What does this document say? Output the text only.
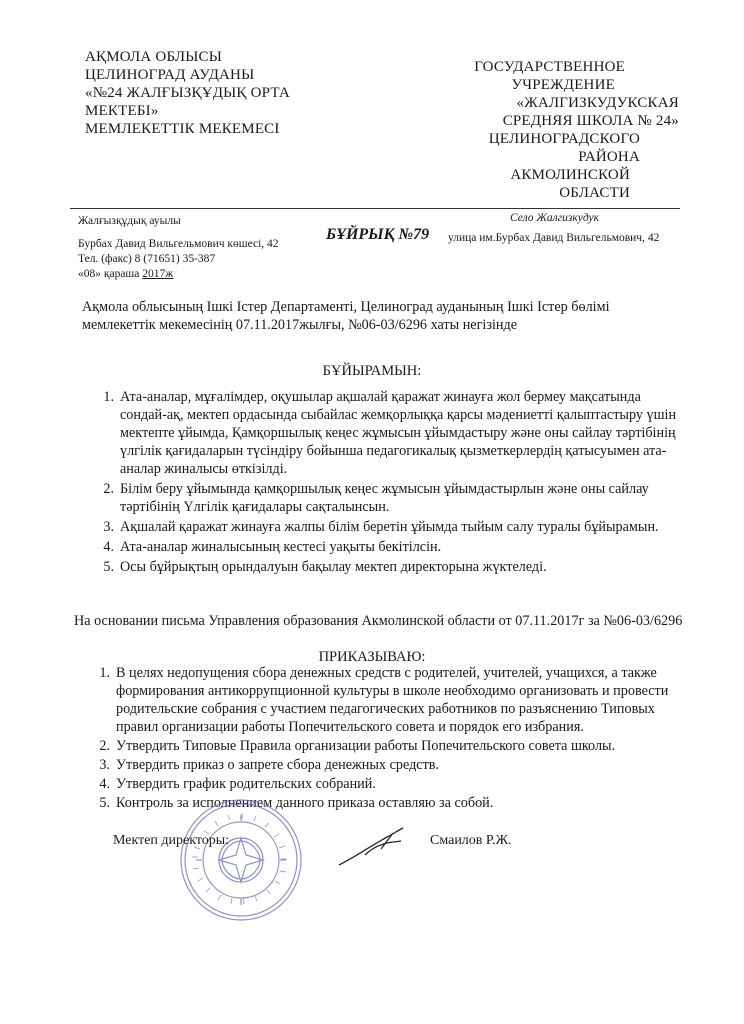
АҚМОЛА ОБЛЫСЫ
ЦЕЛИНОГРАД АУДАНЫ
«№24 ЖАЛҒЫЗҚҰДЫҚ ОРТА
МЕКТЕБІ»
МЕМЛЕКЕТТІК МЕКЕМЕСІ
ГОСУДАРСТВЕННОЕ
УЧРЕЖДЕНИЕ
«ЖАЛГИЗКУДУКСКАЯ
СРЕДНЯЯ ШКОЛА № 24»
ЦЕЛИНОГРАДСКОГО РАЙОНА
АКМОЛИНСКОЙ ОБЛАСТИ
Жалғызқұдық ауылы
Бурбах Давид Вильгельмович көшесі, 42
Тел. (факс) 8 (71651) 35-387
«08» қараша 2017ж
БҰЙРЫҚ №79
Село Жалгизкудук
улица им.Бурбах Давид Вильгельмович, 42
Ақмола облысының Ішкі Істер Департаменті, Целиноград ауданының Ішкі Істер бөлімі мемлекеттік мекемесінің 07.11.2017жылғы, №06-03/6296 хаты негізінде
БҰЙЫРАМЫН:
1. Ата-аналар, мұғалімдер, оқушылар ақшалай қаражат жинауға жол бермеу мақсатында сондай-ақ, мектеп ордасында сыбайлас жемқорлыққа қарсы мәдениетті қалыптастыру үшін мектепте ұйымда, Қамқоршылық кеңес жұмысын ұйымдастыру және оны сайлау тәртібінің үлгілік қағидаларын түсіндіру бойынша педагогикалық қызметкерлердің қатысуымен ата-аналар жиналысы өткізілді.
2. Білім беру ұйымында қамқоршылық кеңес жұмысын ұйымдастырлын және оны сайлау тәртібінің Үлгілік қағидалары сақталынсын.
3. Ақшалай қаражат жинауға жалпы білім беретін ұйымда тыйым салу туралы бұйырамын.
4. Ата-аналар жиналысының кестесі уақыты бекітілсін.
5. Осы бұйрықтың орындалуын бақылау мектеп директорына жүктеледі.
На основании письма Управления образования Акмолинской области от 07.11.2017г за №06-03/6296
ПРИКАЗЫВАЮ:
1. В целях недопущения сбора денежных средств с родителей, учителей, учащихся, а также формирования антикоррупционной культуры в школе необходимо организовать и провести родительские собрания с участием педагогических работников по разъяснению Типовых правил организации работы Попечительского совета и порядок его избрания.
2. Утвердить Типовые Правила организации работы Попечительского совета школы.
3. Утвердить приказ о запрете сбора денежных средств.
4. Утвердить график родительских собраний.
5. Контроль за исполнением данного приказа оставляю за собой.
Мектеп директоры:	Смаилов Р.Ж.
